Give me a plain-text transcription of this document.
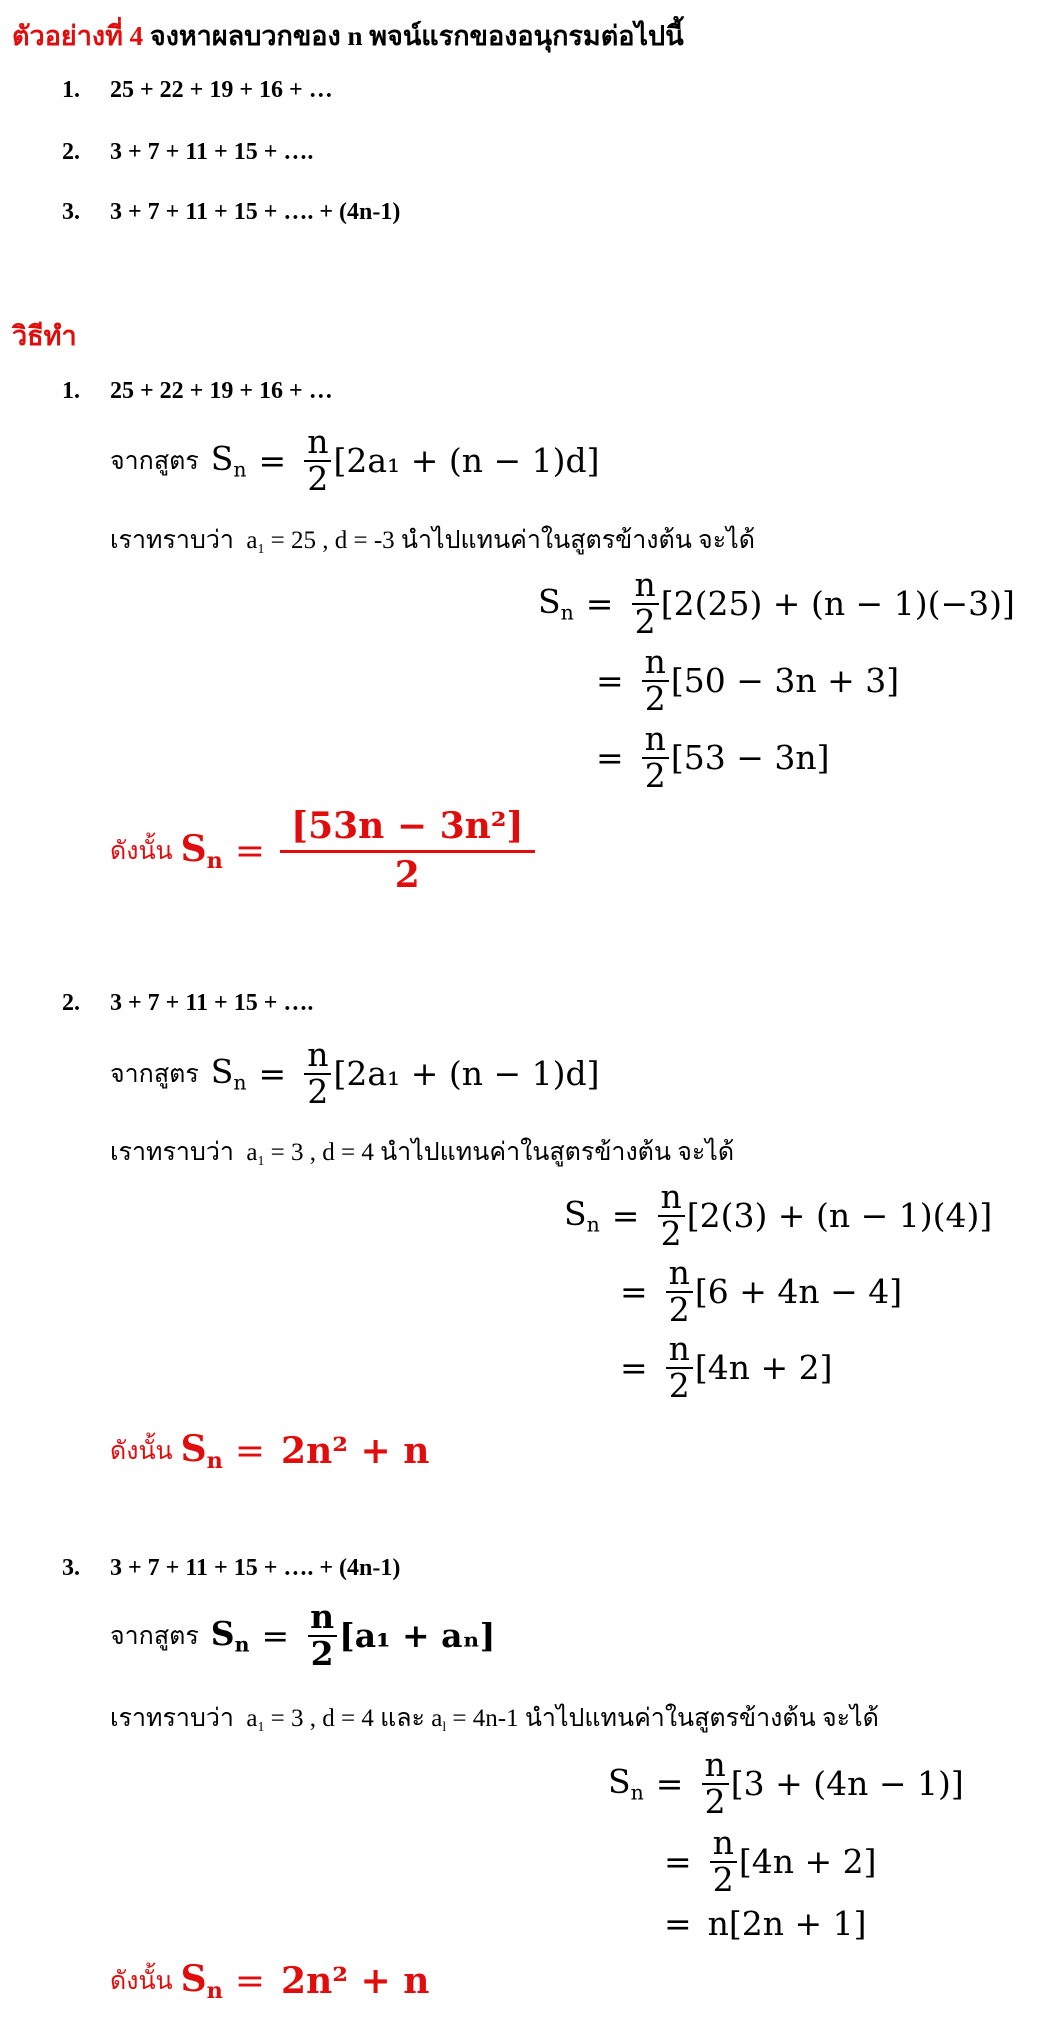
ตัวอย่างที่ 4 จงหาผลบวกของ n พจน์แรกของอนุกรมต่อไปนี้
1. 25 + 22 + 19 + 16 + …
2. 3 + 7 + 11 + 15 + ….
3. 3 + 7 + 11 + 15 + …. + (4n-1)
วิธีทำ
1. 25 + 22 + 19 + 16 + …
จากสูตร $S_n = \frac{n}{2} [2a_1 + (n - 1)d]$
เราทราบว่า  a1 = 25 , d = -3 นำไปแทนค่าในสูตรข้างต้น จะได้
$S_n = \frac{n}{2} [2(25) + (n - 1)(-3)]$
= $\frac{n}{2} [50 - 3n + 3]$
= $\frac{n}{2} [53 - 3n]$
ดังนั้น $S_n = \frac{\text{[53n − 3n²]}}{2}$
2. 3 + 7 + 11 + 15 + ….
จากสูตร $S_n = \frac{n}{2} [2a_1 + (n - 1)d]$
เราทราบว่า  a1 = 3 , d = 4 นำไปแทนค่าในสูตรข้างต้น จะได้
$S_n = \frac{n}{2} [2(3) + (n - 1)(4)]$
= $\frac{n}{2} [6 + 4n - 4]$
= $\frac{n}{2} [4n + 2]$
ดังนั้น $S_n = 2n^2 + n$
3. 3 + 7 + 11 + 15 + …. + (4n-1)
จากสูตร $S_n = \frac{n}{2} [a_1 + a_n]$
เราทราบว่า  a1 = 3 , d = 4 และ al = 4n-1 นำไปแทนค่าในสูตรข้างต้น จะได้
$S_n = \frac{n}{2} [3 + (4n - 1)]$
= $\frac{n}{2} [4n + 2]$
= n[2n + 1]
ดังนั้น $S_n = 2n^2 + n$
